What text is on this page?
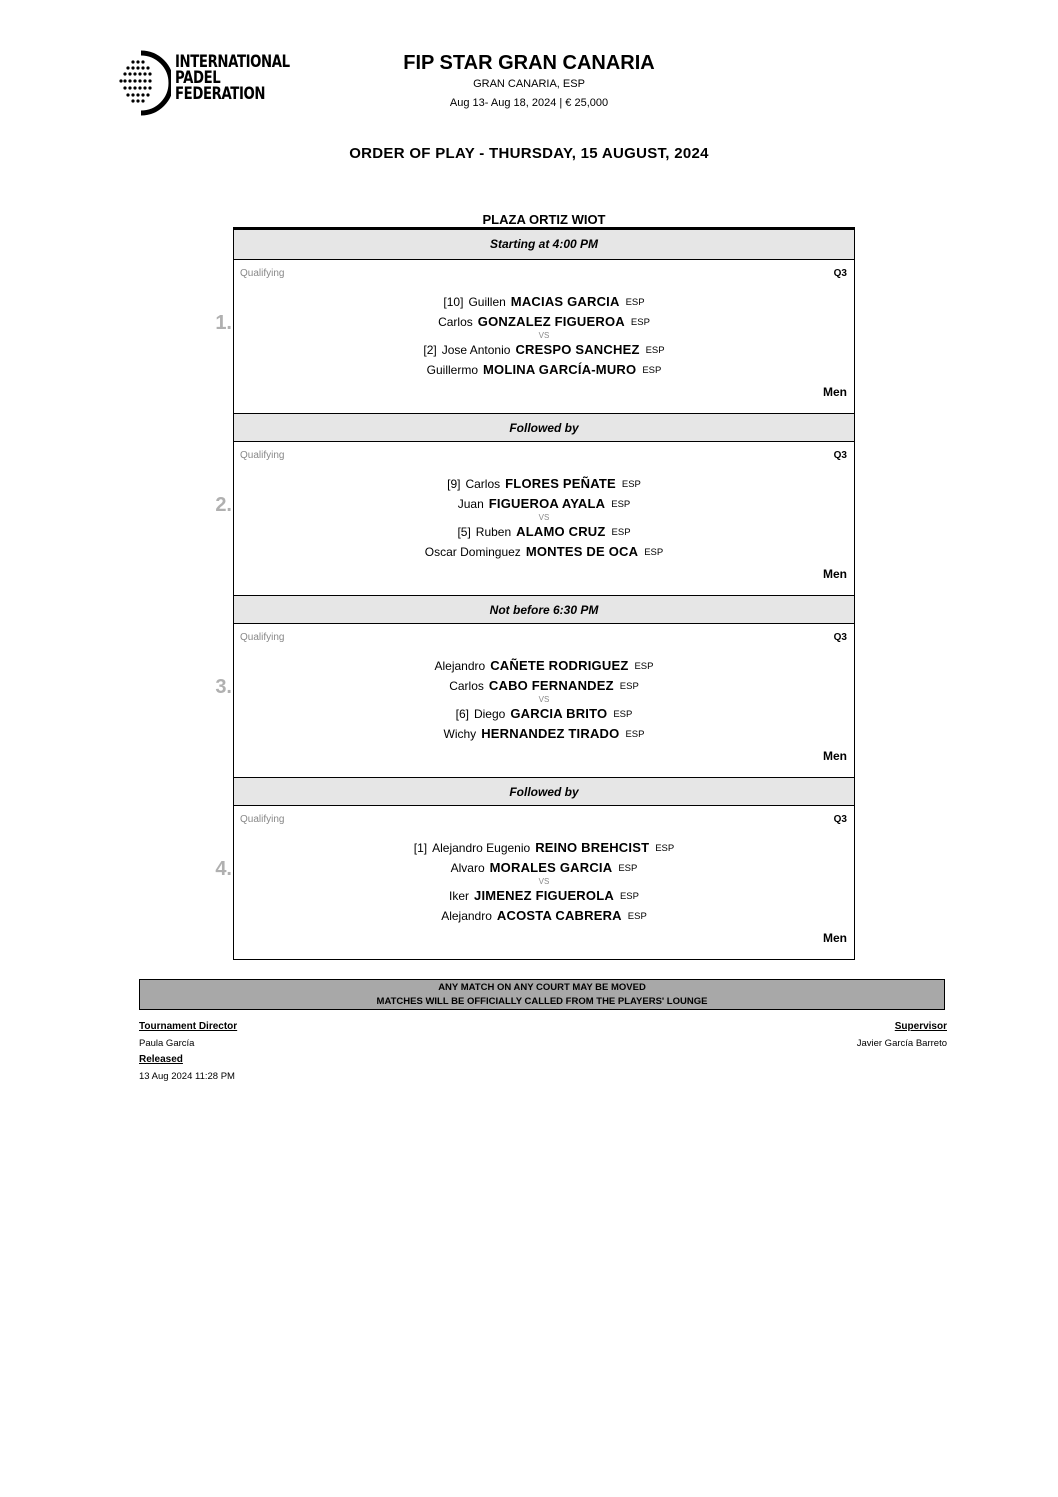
INTERNATIONAL
PADEL
FEDERATION
FIP STAR GRAN CANARIA
GRAN CANARIA, ESP
Aug 13- Aug 18, 2024 | € 25,000
ORDER OF PLAY - THURSDAY, 15 AUGUST, 2024
PLAZA ORTIZ WIOT
Starting at 4:00 PM
1.
Qualifying	Q3
[10] Guillen MACIAS GARCIA ESP
Carlos GONZALEZ FIGUEROA ESP
VS
[2] Jose Antonio CRESPO SANCHEZ ESP
Guillermo MOLINA GARCÍA-MURO ESP
Men
Followed by
2.
Qualifying	Q3
[9] Carlos FLORES PEÑATE ESP
Juan FIGUEROA AYALA ESP
VS
[5] Ruben ALAMO CRUZ ESP
Oscar Dominguez MONTES DE OCA ESP
Men
Not before 6:30 PM
3.
Qualifying	Q3
Alejandro CAÑETE RODRIGUEZ ESP
Carlos CABO FERNANDEZ ESP
VS
[6] Diego GARCIA BRITO ESP
Wichy HERNANDEZ TIRADO ESP
Men
Followed by
4.
Qualifying	Q3
[1] Alejandro Eugenio REINO BREHCIST ESP
Alvaro MORALES GARCIA ESP
VS
Iker JIMENEZ FIGUEROLA ESP
Alejandro ACOSTA CABRERA ESP
Men
ANY MATCH ON ANY COURT MAY BE MOVED
MATCHES WILL BE OFFICIALLY CALLED FROM THE PLAYERS' LOUNGE
Tournament Director
Paula García
Released
13 Aug 2024 11:28 PM
Supervisor
Javier García Barreto
